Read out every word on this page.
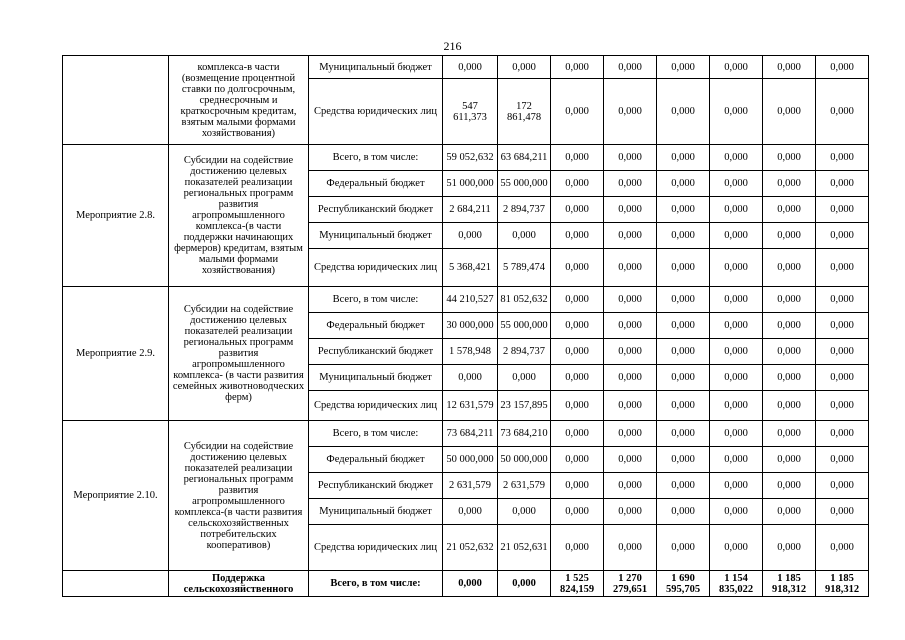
216
	комплекса-в части (возмещение процентной ставки по долгосрочным, среднесрочным и краткосрочным кредитам, взятым малыми формами хозяйствования)	Муниципальный бюджет	0,000	0,000	0,000	0,000	0,000	0,000	0,000	0,000
		Средства юридических лиц	547 611,373	172 861,478	0,000	0,000	0,000	0,000	0,000	0,000
Мероприятие 2.8.	Субсидии на содействие достижению целевых показателей реализации региональных программ развития агропромышленного комплекса-(в части поддержки начинающих фермеров) кредитам, взятым малыми формами хозяйствования)	Всего, в том числе:	59 052,632	63 684,211	0,000	0,000	0,000	0,000	0,000	0,000
		Федеральный бюджет	51 000,000	55 000,000	0,000	0,000	0,000	0,000	0,000	0,000
		Республиканский бюджет	2 684,211	2 894,737	0,000	0,000	0,000	0,000	0,000	0,000
		Муниципальный бюджет	0,000	0,000	0,000	0,000	0,000	0,000	0,000	0,000
		Средства юридических лиц	5 368,421	5 789,474	0,000	0,000	0,000	0,000	0,000	0,000
Мероприятие 2.9.	Субсидии на содействие достижению целевых показателей реализации региональных программ развития агропромышленного комплекса- (в части развития семейных животноводческих ферм)	Всего, в том числе:	44 210,527	81 052,632	0,000	0,000	0,000	0,000	0,000	0,000
		Федеральный бюджет	30 000,000	55 000,000	0,000	0,000	0,000	0,000	0,000	0,000
		Республиканский бюджет	1 578,948	2 894,737	0,000	0,000	0,000	0,000	0,000	0,000
		Муниципальный бюджет	0,000	0,000	0,000	0,000	0,000	0,000	0,000	0,000
		Средства юридических лиц	12 631,579	23 157,895	0,000	0,000	0,000	0,000	0,000	0,000
Мероприятие 2.10.	Субсидии на содействие достижению целевых показателей реализации региональных программ развития агропромышленного комплекса-(в части развития сельскохозяйственных потребительских кооперативов)	Всего, в том числе:	73 684,211	73 684,210	0,000	0,000	0,000	0,000	0,000	0,000
		Федеральный бюджет	50 000,000	50 000,000	0,000	0,000	0,000	0,000	0,000	0,000
		Республиканский бюджет	2 631,579	2 631,579	0,000	0,000	0,000	0,000	0,000	0,000
		Муниципальный бюджет	0,000	0,000	0,000	0,000	0,000	0,000	0,000	0,000
		Средства юридических лиц	21 052,632	21 052,631	0,000	0,000	0,000	0,000	0,000	0,000
	Поддержка сельскохозяйственного	Всего, в том числе:	0,000	0,000	1 525 824,159	1 270 279,651	1 690 595,705	1 154 835,022	1 185 918,312	1 185 918,312
